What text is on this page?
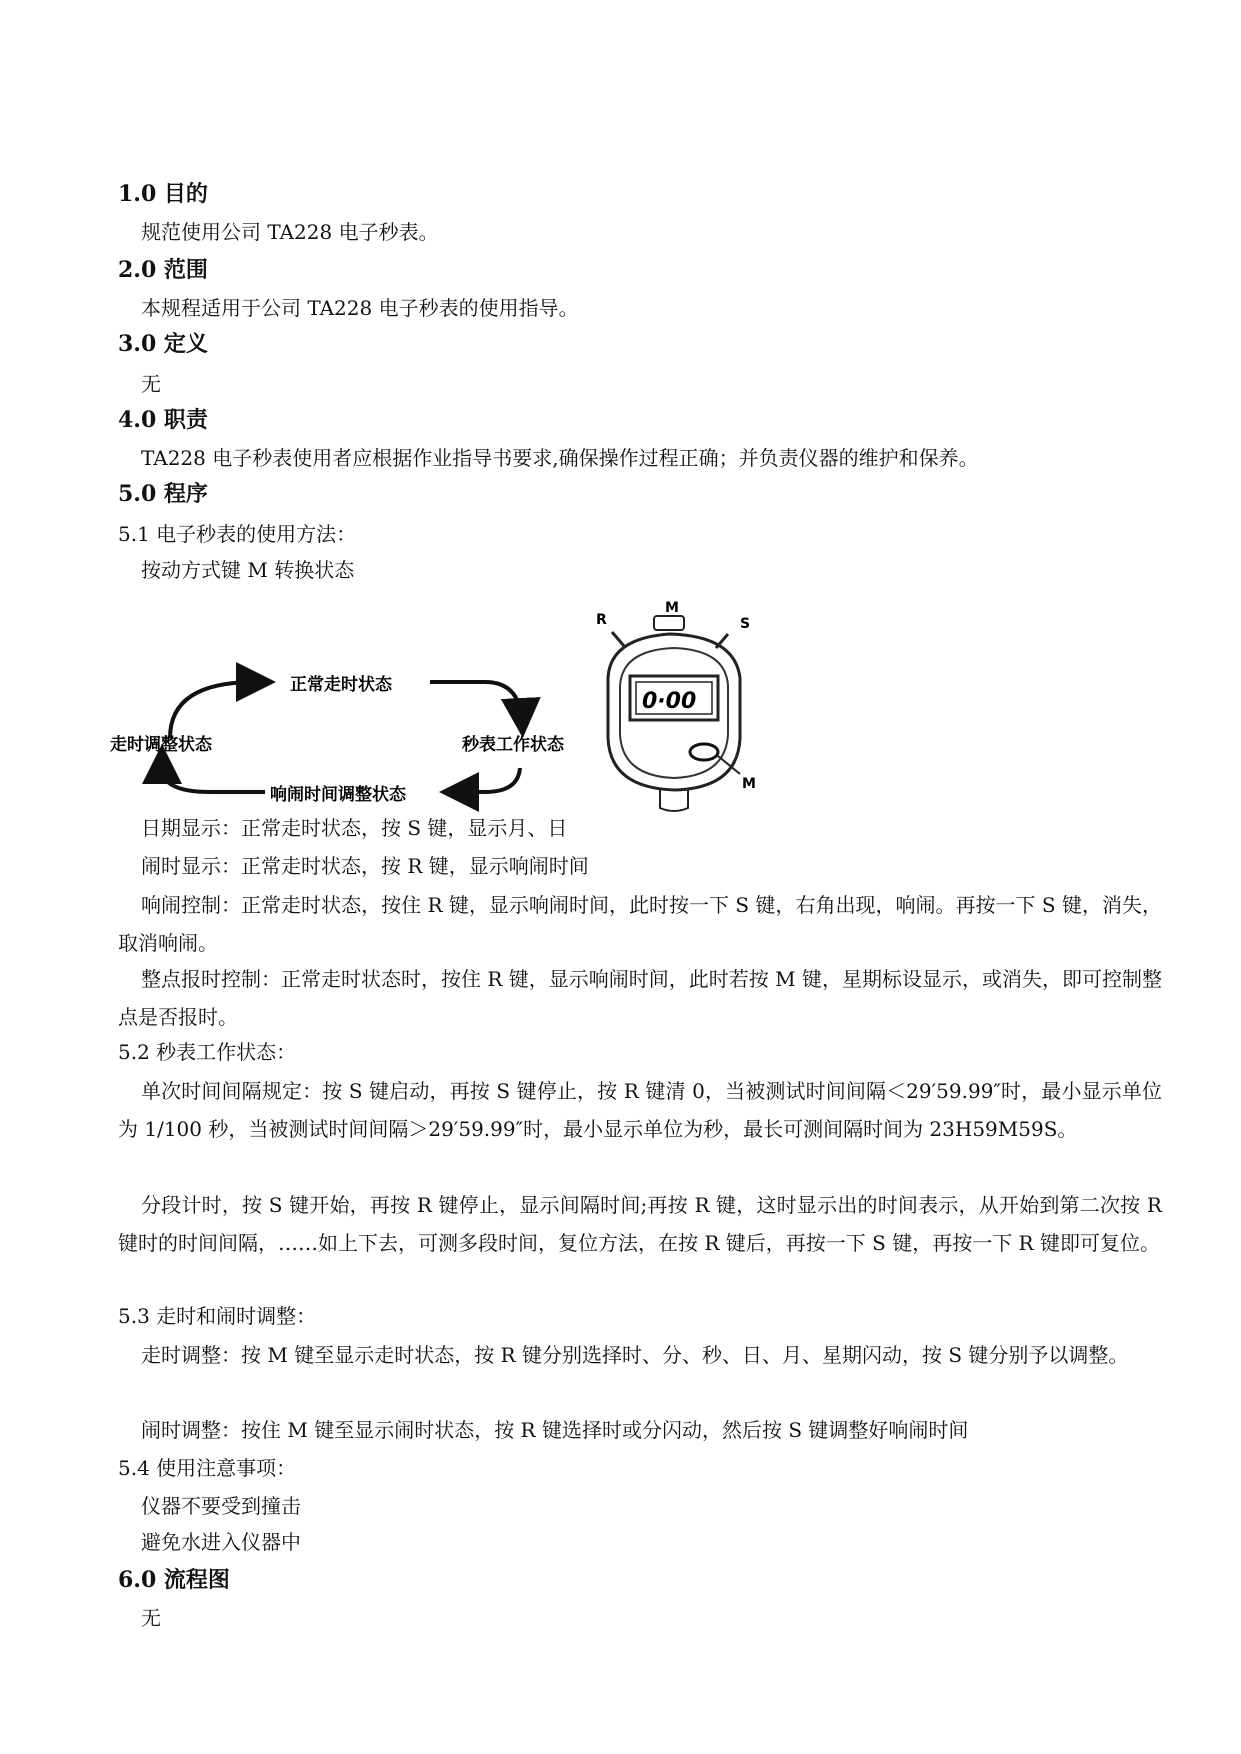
1.0 目的
规范使用公司 TA228 电子秒表。
2.0 范围
本规程适用于公司 TA228 电子秒表的使用指导。
3.0 定义
无
4.0 职责
TA228 电子秒表使用者应根据作业指导书要求,确保操作过程正确；并负责仪器的维护和保养。
5.0 程序
5.1 电子秒表的使用方法：
按动方式键 M 转换状态
正常走时状态
秒表工作状态
响闹时间调整状态
走时调整状态
R
M
S
0·00
M
日期显示：正常走时状态，按 S 键，显示月、日
闹时显示：正常走时状态，按 R 键，显示响闹时间
响闹控制：正常走时状态，按住 R 键，显示响闹时间，此时按一下 S 键，右角出现，响闹。再按一下 S 键，消失，取消响闹。
整点报时控制：正常走时状态时，按住 R 键，显示响闹时间，此时若按 M 键，星期标设显示，或消失，即可控制整点是否报时。
5.2 秒表工作状态：
单次时间间隔规定：按 S 键启动，再按 S 键停止，按 R 键清 0，当被测试时间间隔＜29′59.99″时，最小显示单位为 1/100 秒，当被测试时间间隔＞29′59.99″时，最小显示单位为秒，最长可测间隔时间为 23H59M59S。
分段计时，按 S 键开始，再按 R 键停止，显示间隔时间;再按 R 键，这时显示出的时间表示，从开始到第二次按 R 键时的时间间隔，……如上下去，可测多段时间，复位方法，在按 R 键后，再按一下 S 键，再按一下 R 键即可复位。
5.3 走时和闹时调整：
走时调整：按 M 键至显示走时状态，按 R 键分别选择时、分、秒、日、月、星期闪动，按 S 键分别予以调整。
闹时调整：按住 M 键至显示闹时状态，按 R 键选择时或分闪动，然后按 S 键调整好响闹时间
5.4 使用注意事项：
仪器不要受到撞击
避免水进入仪器中
6.0 流程图
无
